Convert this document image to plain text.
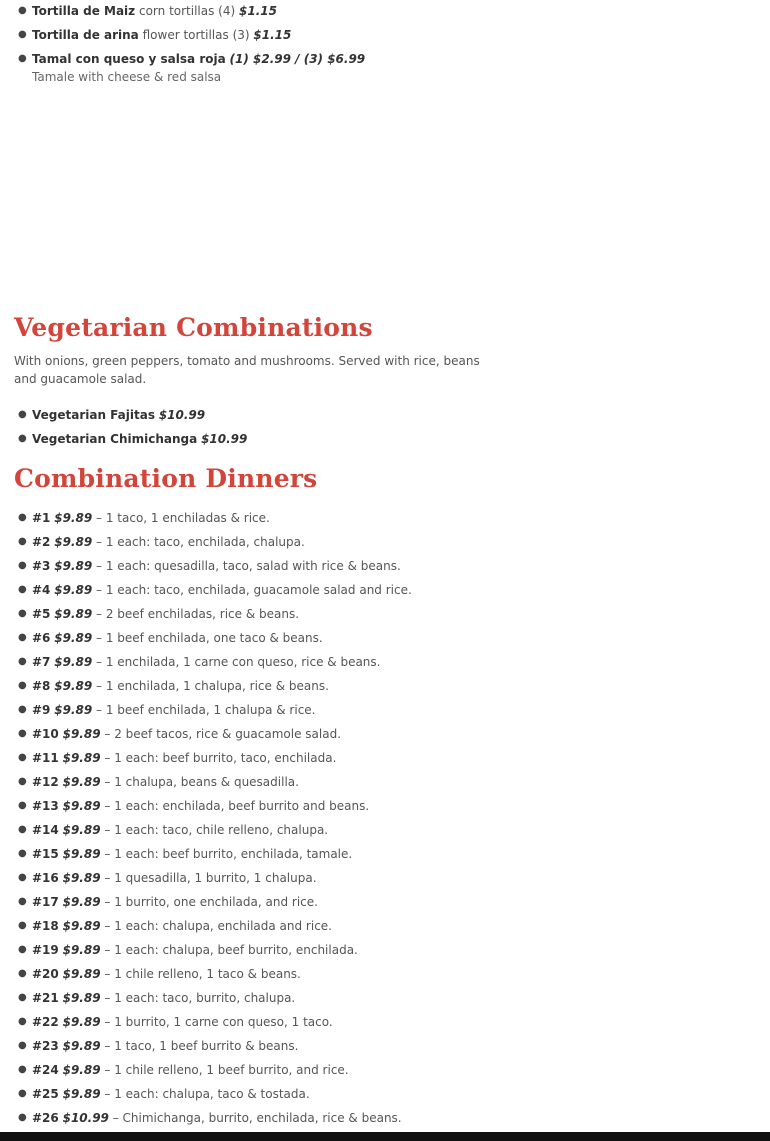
● Tortilla de Maiz corn tortillas (4) $1.15
● Tortilla de arina flower tortillas (3) $1.15
● Tamal con queso y salsa roja (1) $2.99 / (3) $6.99
Tamale with cheese & red salsa
Vegetarian Combinations

With onions, green peppers, tomato and mushrooms. Served with rice, beans and guacamole salad.

● Vegetarian Fajitas $10.99
● Vegetarian Chimichanga $10.99
Combination Dinners
● #1 $9.89 – 1 taco, 1 enchiladas & rice.
● #2 $9.89 – 1 each: taco, enchilada, chalupa.
● #3 $9.89 – 1 each: quesadilla, taco, salad with rice & beans.
● #4 $9.89 – 1 each: taco, enchilada, guacamole salad and rice.
● #5 $9.89 – 2 beef enchiladas, rice & beans.
● #6 $9.89 – 1 beef enchilada, one taco & beans.
● #7 $9.89 – 1 enchilada, 1 carne con queso, rice & beans.
● #8 $9.89 – 1 enchilada, 1 chalupa, rice & beans.
● #9 $9.89 – 1 beef enchilada, 1 chalupa & rice.
● #10 $9.89 – 2 beef tacos, rice & guacamole salad.
● #11 $9.89 – 1 each: beef burrito, taco, enchilada.
● #12 $9.89 – 1 chalupa, beans & quesadilla.
● #13 $9.89 – 1 each: enchilada, beef burrito and beans.
● #14 $9.89 – 1 each: taco, chile relleno, chalupa.
● #15 $9.89 – 1 each: beef burrito, enchilada, tamale.
● #16 $9.89 – 1 quesadilla, 1 burrito, 1 chalupa.
● #17 $9.89 – 1 burrito, one enchilada, and rice.
● #18 $9.89 – 1 each: chalupa, enchilada and rice.
● #19 $9.89 – 1 each: chalupa, beef burrito, enchilada.
● #20 $9.89 – 1 chile relleno, 1 taco & beans.
● #21 $9.89 – 1 each: taco, burrito, chalupa.
● #22 $9.89 – 1 burrito, 1 carne con queso, 1 taco.
● #23 $9.89 – 1 taco, 1 beef burrito & beans.
● #24 $9.89 – 1 chile relleno, 1 beef burrito, and rice.
● #25 $9.89 – 1 each: chalupa, taco & tostada.
● #26 $10.99 – Chimichanga, burrito, enchilada, rice & beans.
